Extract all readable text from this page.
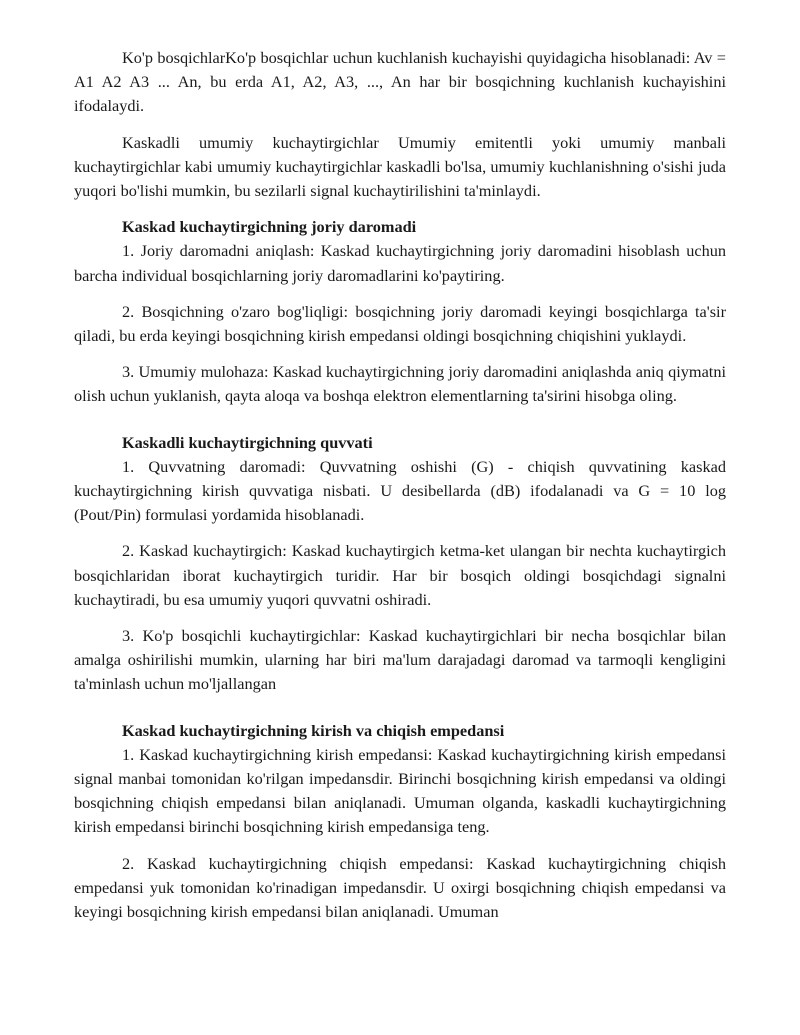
Ko'p bosqichlarKo'p bosqichlar uchun kuchlanish kuchayishi quyidagicha hisoblanadi: Av = A1 A2 A3 ... An, bu erda A1, A2, A3, ..., An har bir bosqichning kuchlanish kuchayishini ifodalaydi.

Kaskadli umumiy kuchaytirgichlar Umumiy emitentli yoki umumiy manbali kuchaytirgichlar kabi umumiy kuchaytirgichlar kaskadli bo'lsa, umumiy kuchlanishning o'sishi juda yuqori bo'lishi mumkin, bu sezilarli signal kuchaytirilishini ta'minlaydi.

Kaskad kuchaytirgichning joriy daromadi

1. Joriy daromadni aniqlash: Kaskad kuchaytirgichning joriy daromadini hisoblash uchun barcha individual bosqichlarning joriy daromadlarini ko'paytiring.

2. Bosqichning o'zaro bog'liqligi: bosqichning joriy daromadi keyingi bosqichlarga ta'sir qiladi, bu erda keyingi bosqichning kirish empedansi oldingi bosqichning chiqishini yuklaydi.

3. Umumiy mulohaza: Kaskad kuchaytirgichning joriy daromadini aniqlashda aniq qiymatni olish uchun yuklanish, qayta aloqa va boshqa elektron elementlarning ta'sirini hisobga oling.

Kaskadli kuchaytirgichning quvvati

1. Quvvatning daromadi: Quvvatning oshishi (G) - chiqish quvvatining kaskad kuchaytirgichning kirish quvvatiga nisbati. U desibellarda (dB) ifodalanadi va G = 10 log (Pout/Pin) formulasi yordamida hisoblanadi.

2. Kaskad kuchaytirgich: Kaskad kuchaytirgich ketma-ket ulangan bir nechta kuchaytirgich bosqichlaridan iborat kuchaytirgich turidir. Har bir bosqich oldingi bosqichdagi signalni kuchaytiradi, bu esa umumiy yuqori quvvatni oshiradi.

3. Ko'p bosqichli kuchaytirgichlar: Kaskad kuchaytirgichlari bir necha bosqichlar bilan amalga oshirilishi mumkin, ularning har biri ma'lum darajadagi daromad va tarmoqli kengligini ta'minlash uchun mo'ljallangan

Kaskad kuchaytirgichning kirish va chiqish empedansi

1. Kaskad kuchaytirgichning kirish empedansi: Kaskad kuchaytirgichning kirish empedansi signal manbai tomonidan ko'rilgan impedansdir. Birinchi bosqichning kirish empedansi va oldingi bosqichning chiqish empedansi bilan aniqlanadi. Umuman olganda, kaskadli kuchaytirgichning kirish empedansi birinchi bosqichning kirish empedansiga teng.

2. Kaskad kuchaytirgichning chiqish empedansi: Kaskad kuchaytirgichning chiqish empedansi yuk tomonidan ko'rinadigan impedansdir. U oxirgi bosqichning chiqish empedansi va keyingi bosqichning kirish empedansi bilan aniqlanadi. Umuman
